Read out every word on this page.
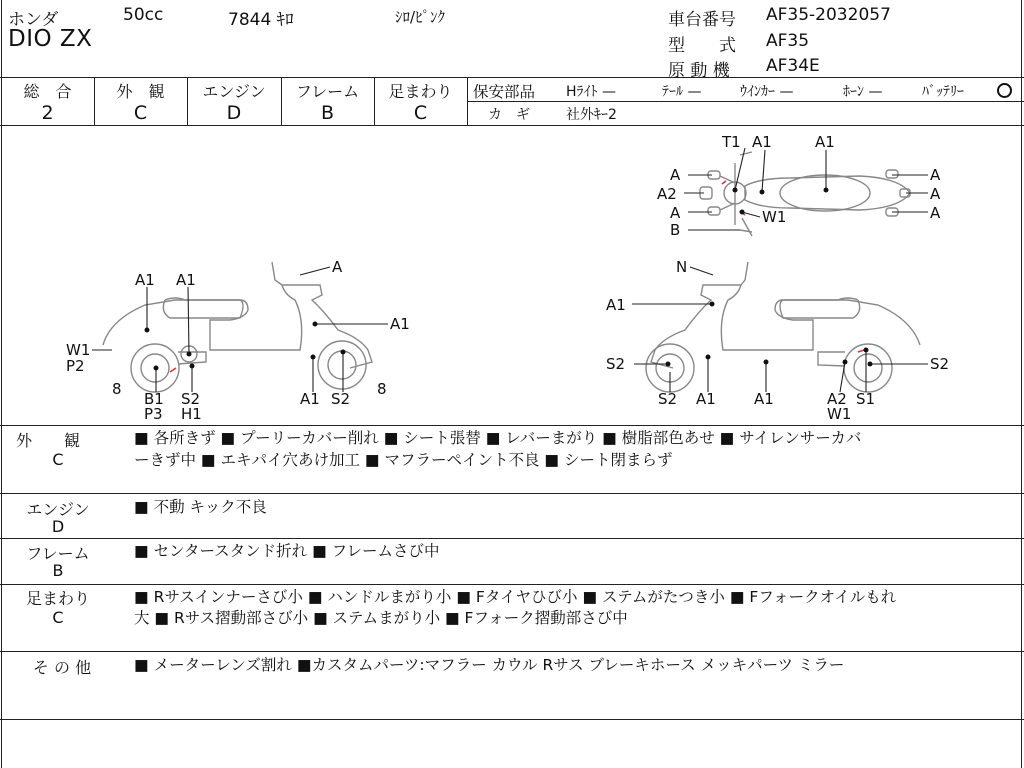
ホンダ	50cc	7844 ｷﾛ	ｼﾛ/ﾋﾟﾝｸ
DIO ZX
車台番号 AF35-2032057
型　　式 AF35
原 動 機 AF34E
総　合
2
外　観
C
エンジン
D
フレーム
B
足まわり
C
保安部品 Hﾗｲﾄ —	ﾃｰﾙ —	ｳｲﾝｶｰ —	ﾎｰﾝ —	ﾊﾞｯﾃﾘｰ
カ　ギ	社外ｷｰ2
T1 A1	A1
A
A2
A
B
W1
A
A
A
A1 A1
A
A1
W1
P2
8
B1
P3
S2
H1
A1 S2
8
N
A1
S2
S2 A1	A1	A2
W1
S1
S2
外　　観
C
■ 各所きず ■ プーリーカバー削れ ■ シート張替 ■ レバーまがり ■ 樹脂部色あせ ■ サイレンサーカバ
ーきず中 ■ エキパイ穴あけ加工 ■ マフラーペイント不良 ■ シート閉まらず
エンジン
D
■ 不動 キック不良
フレーム
B
■ センタースタンド折れ ■ フレームさび中
足まわり
C
■ Rサスインナーさび小 ■ ハンドルまがり小 ■ Fタイヤひび小 ■ ステムがたつき小 ■ Fフォークオイルもれ
大 ■ Rサス摺動部さび小 ■ ステムまがり小 ■ Fフォーク摺動部さび中
そ の 他	■ メーターレンズ割れ ■カスタムパーツ:マフラー カウル Rサス ブレーキホース メッキパーツ ミラー
